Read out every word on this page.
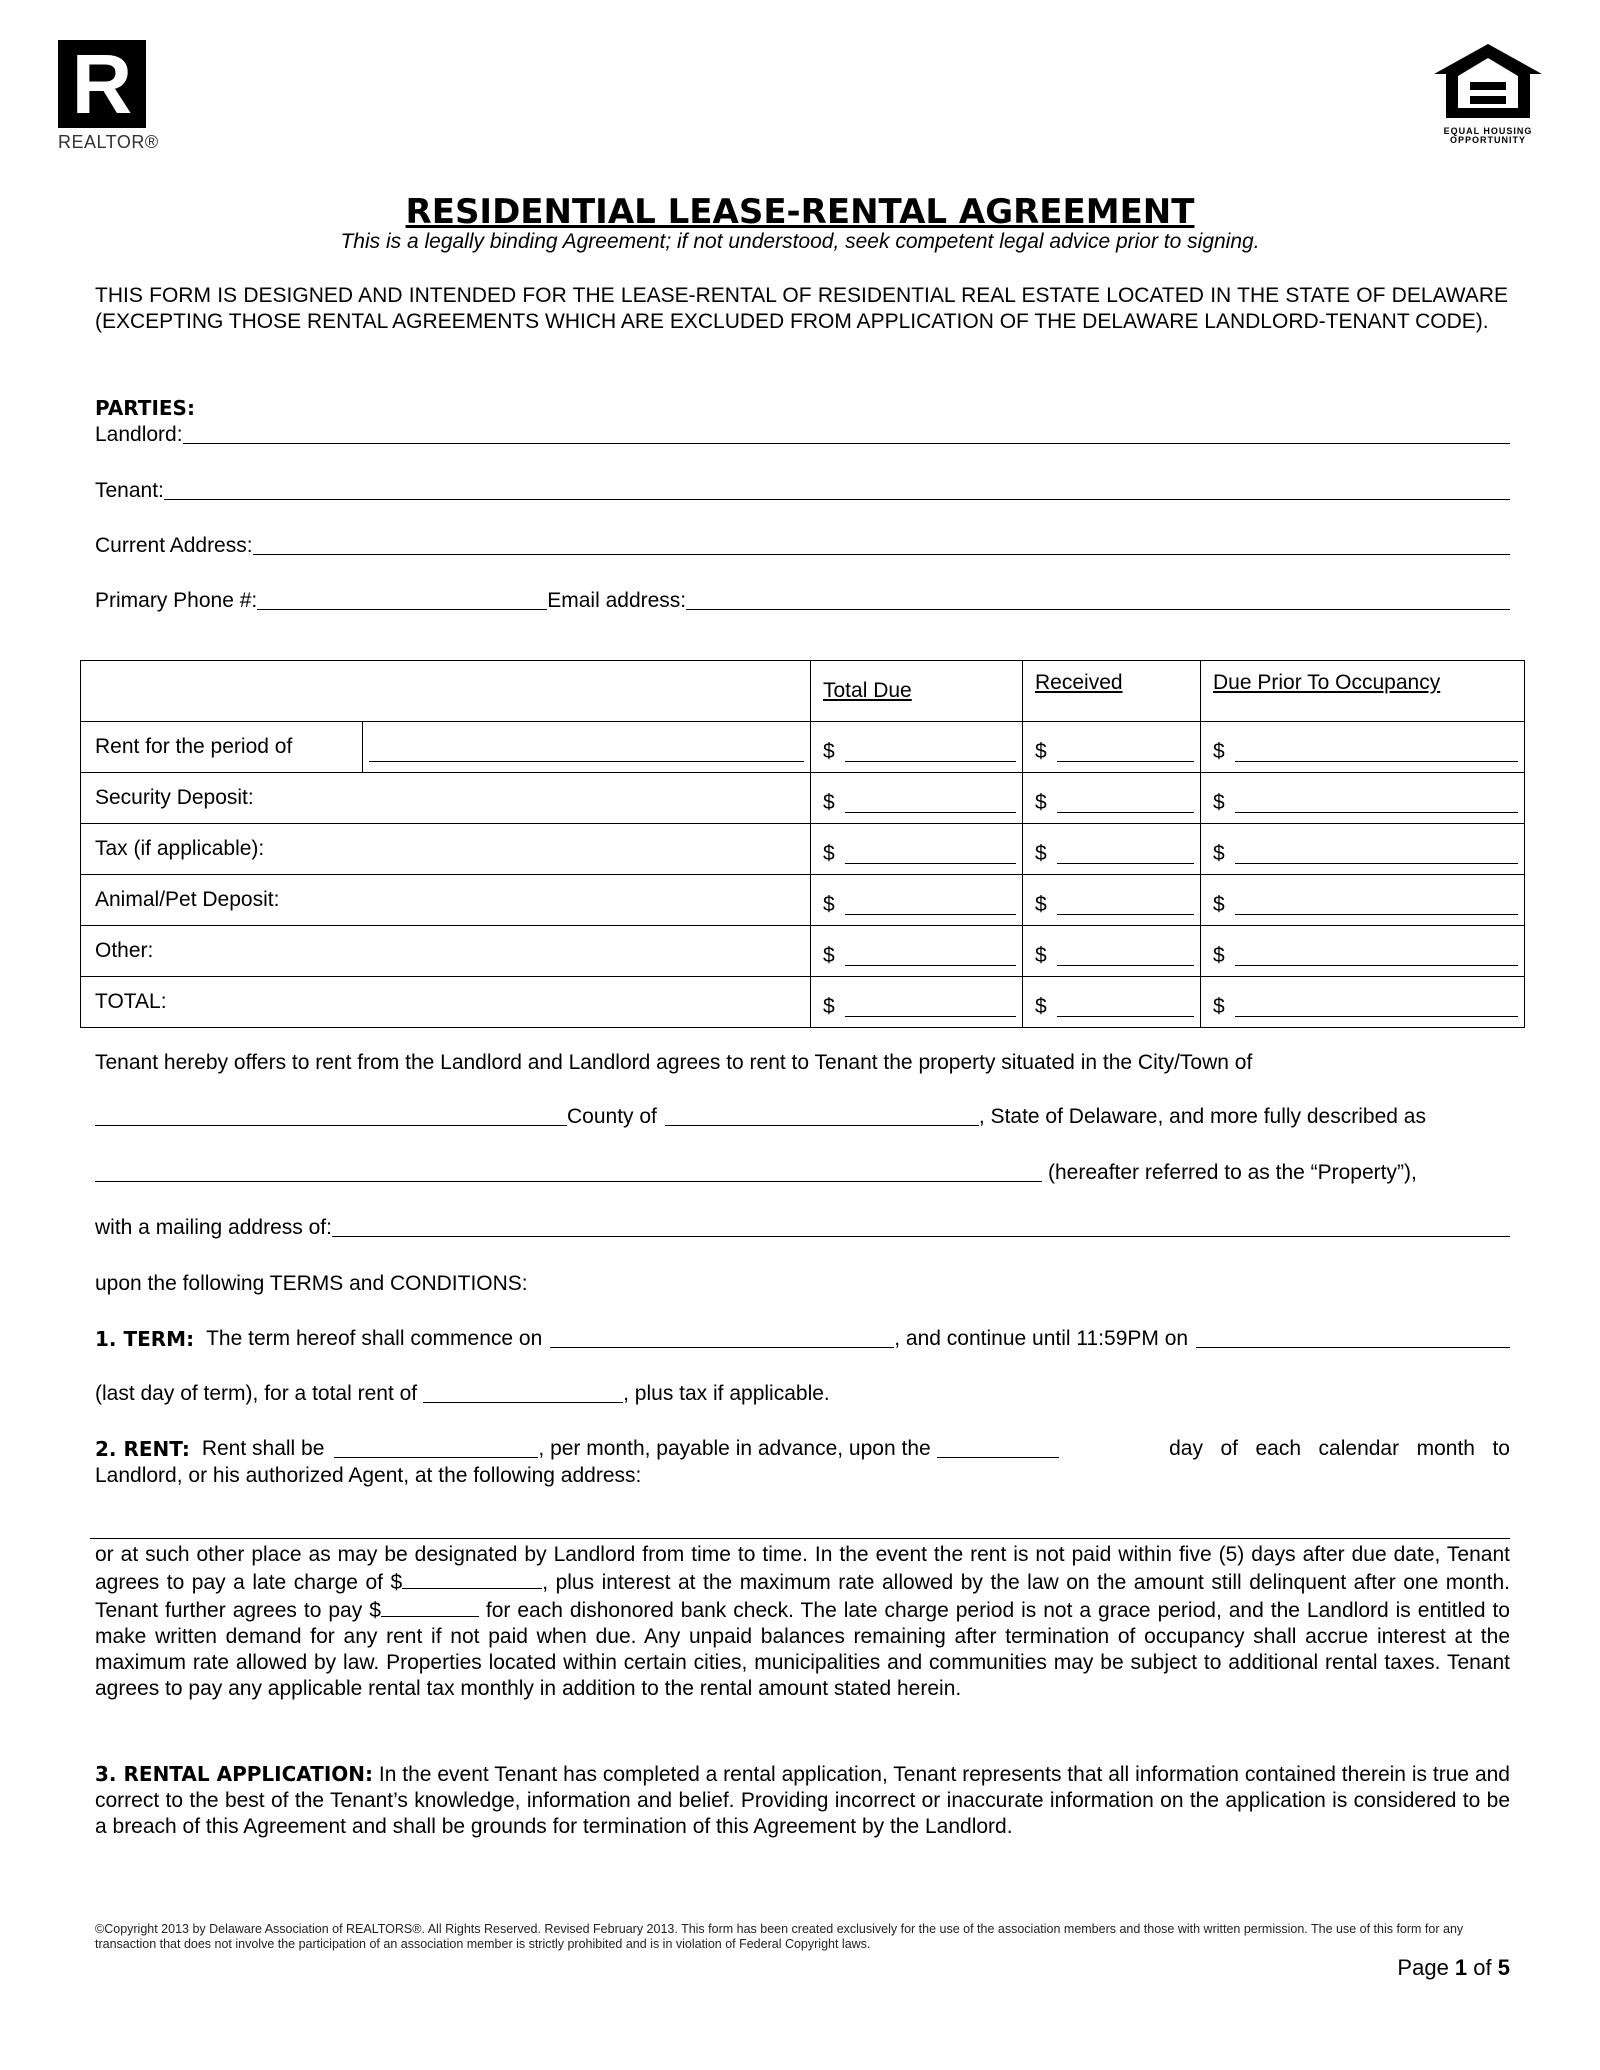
R
REALTOR®
EQUAL HOUSING
OPPORTUNITY
RESIDENTIAL LEASE-RENTAL AGREEMENT
This is a legally binding Agreement; if not understood, seek competent legal advice prior to signing.
THIS FORM IS DESIGNED AND INTENDED FOR THE LEASE-RENTAL OF RESIDENTIAL REAL ESTATE LOCATED IN THE STATE OF DELAWARE (EXCEPTING THOSE RENTAL AGREEMENTS WHICH ARE EXCLUDED FROM APPLICATION OF THE DELAWARE LANDLORD-TENANT CODE).
PARTIES:
Landlord:
Tenant:
Current Address:
Primary Phone #:	Email address:
		Total Due	Received	Due Prior To Occupancy
Rent for the period of		$	$	$

Security Deposit:		$	$	$

Tax (if applicable):		$	$	$

Animal/Pet Deposit:		$	$	$

Other:		$	$	$

TOTAL:		$	$	$
Tenant hereby offers to rent from the Landlord and Landlord agrees to rent to Tenant the property situated in the City/Town of
County of	, State of Delaware, and more fully described as
(hereafter referred to as the “Property”),
with a mailing address of:
upon the following TERMS and CONDITIONS:
1. TERM: The term hereof shall commence on	, and continue until 11:59PM on
(last day of term), for a total rent of	, plus tax if applicable.
2. RENT: Rent shall be	, per month, payable in advance, upon the	day   of   each   calendar   month   to
Landlord, or his authorized Agent, at the following address:
or at such other place as may be designated by Landlord from time to time. In the event the rent is not paid within five (5) days after due date, Tenant agrees to pay a late charge of $	, plus interest at the maximum rate allowed by the law on the amount still delinquent after one month. Tenant further agrees to pay $	for each dishonored bank check. The late charge period is not a grace period, and the Landlord is entitled to make written demand for any rent if not paid when due. Any unpaid balances remaining after termination of occupancy shall accrue interest at the maximum rate allowed by law. Properties located within certain cities, municipalities and communities may be subject to additional rental taxes. Tenant agrees to pay any applicable rental tax monthly in addition to the rental amount stated herein.
3. RENTAL APPLICATION: In the event Tenant has completed a rental application, Tenant represents that all information contained therein is true and correct to the best of the Tenant’s knowledge, information and belief. Providing incorrect or inaccurate information on the application is considered to be a breach of this Agreement and shall be grounds for termination of this Agreement by the Landlord.
©Copyright 2013 by Delaware Association of REALTORS®. All Rights Reserved. Revised February 2013. This form has been created exclusively for the use of the association members and those with written permission. The use of this form for any transaction that does not involve the participation of an association member is strictly prohibited and is in violation of Federal Copyright laws.
Page 1 of 5
